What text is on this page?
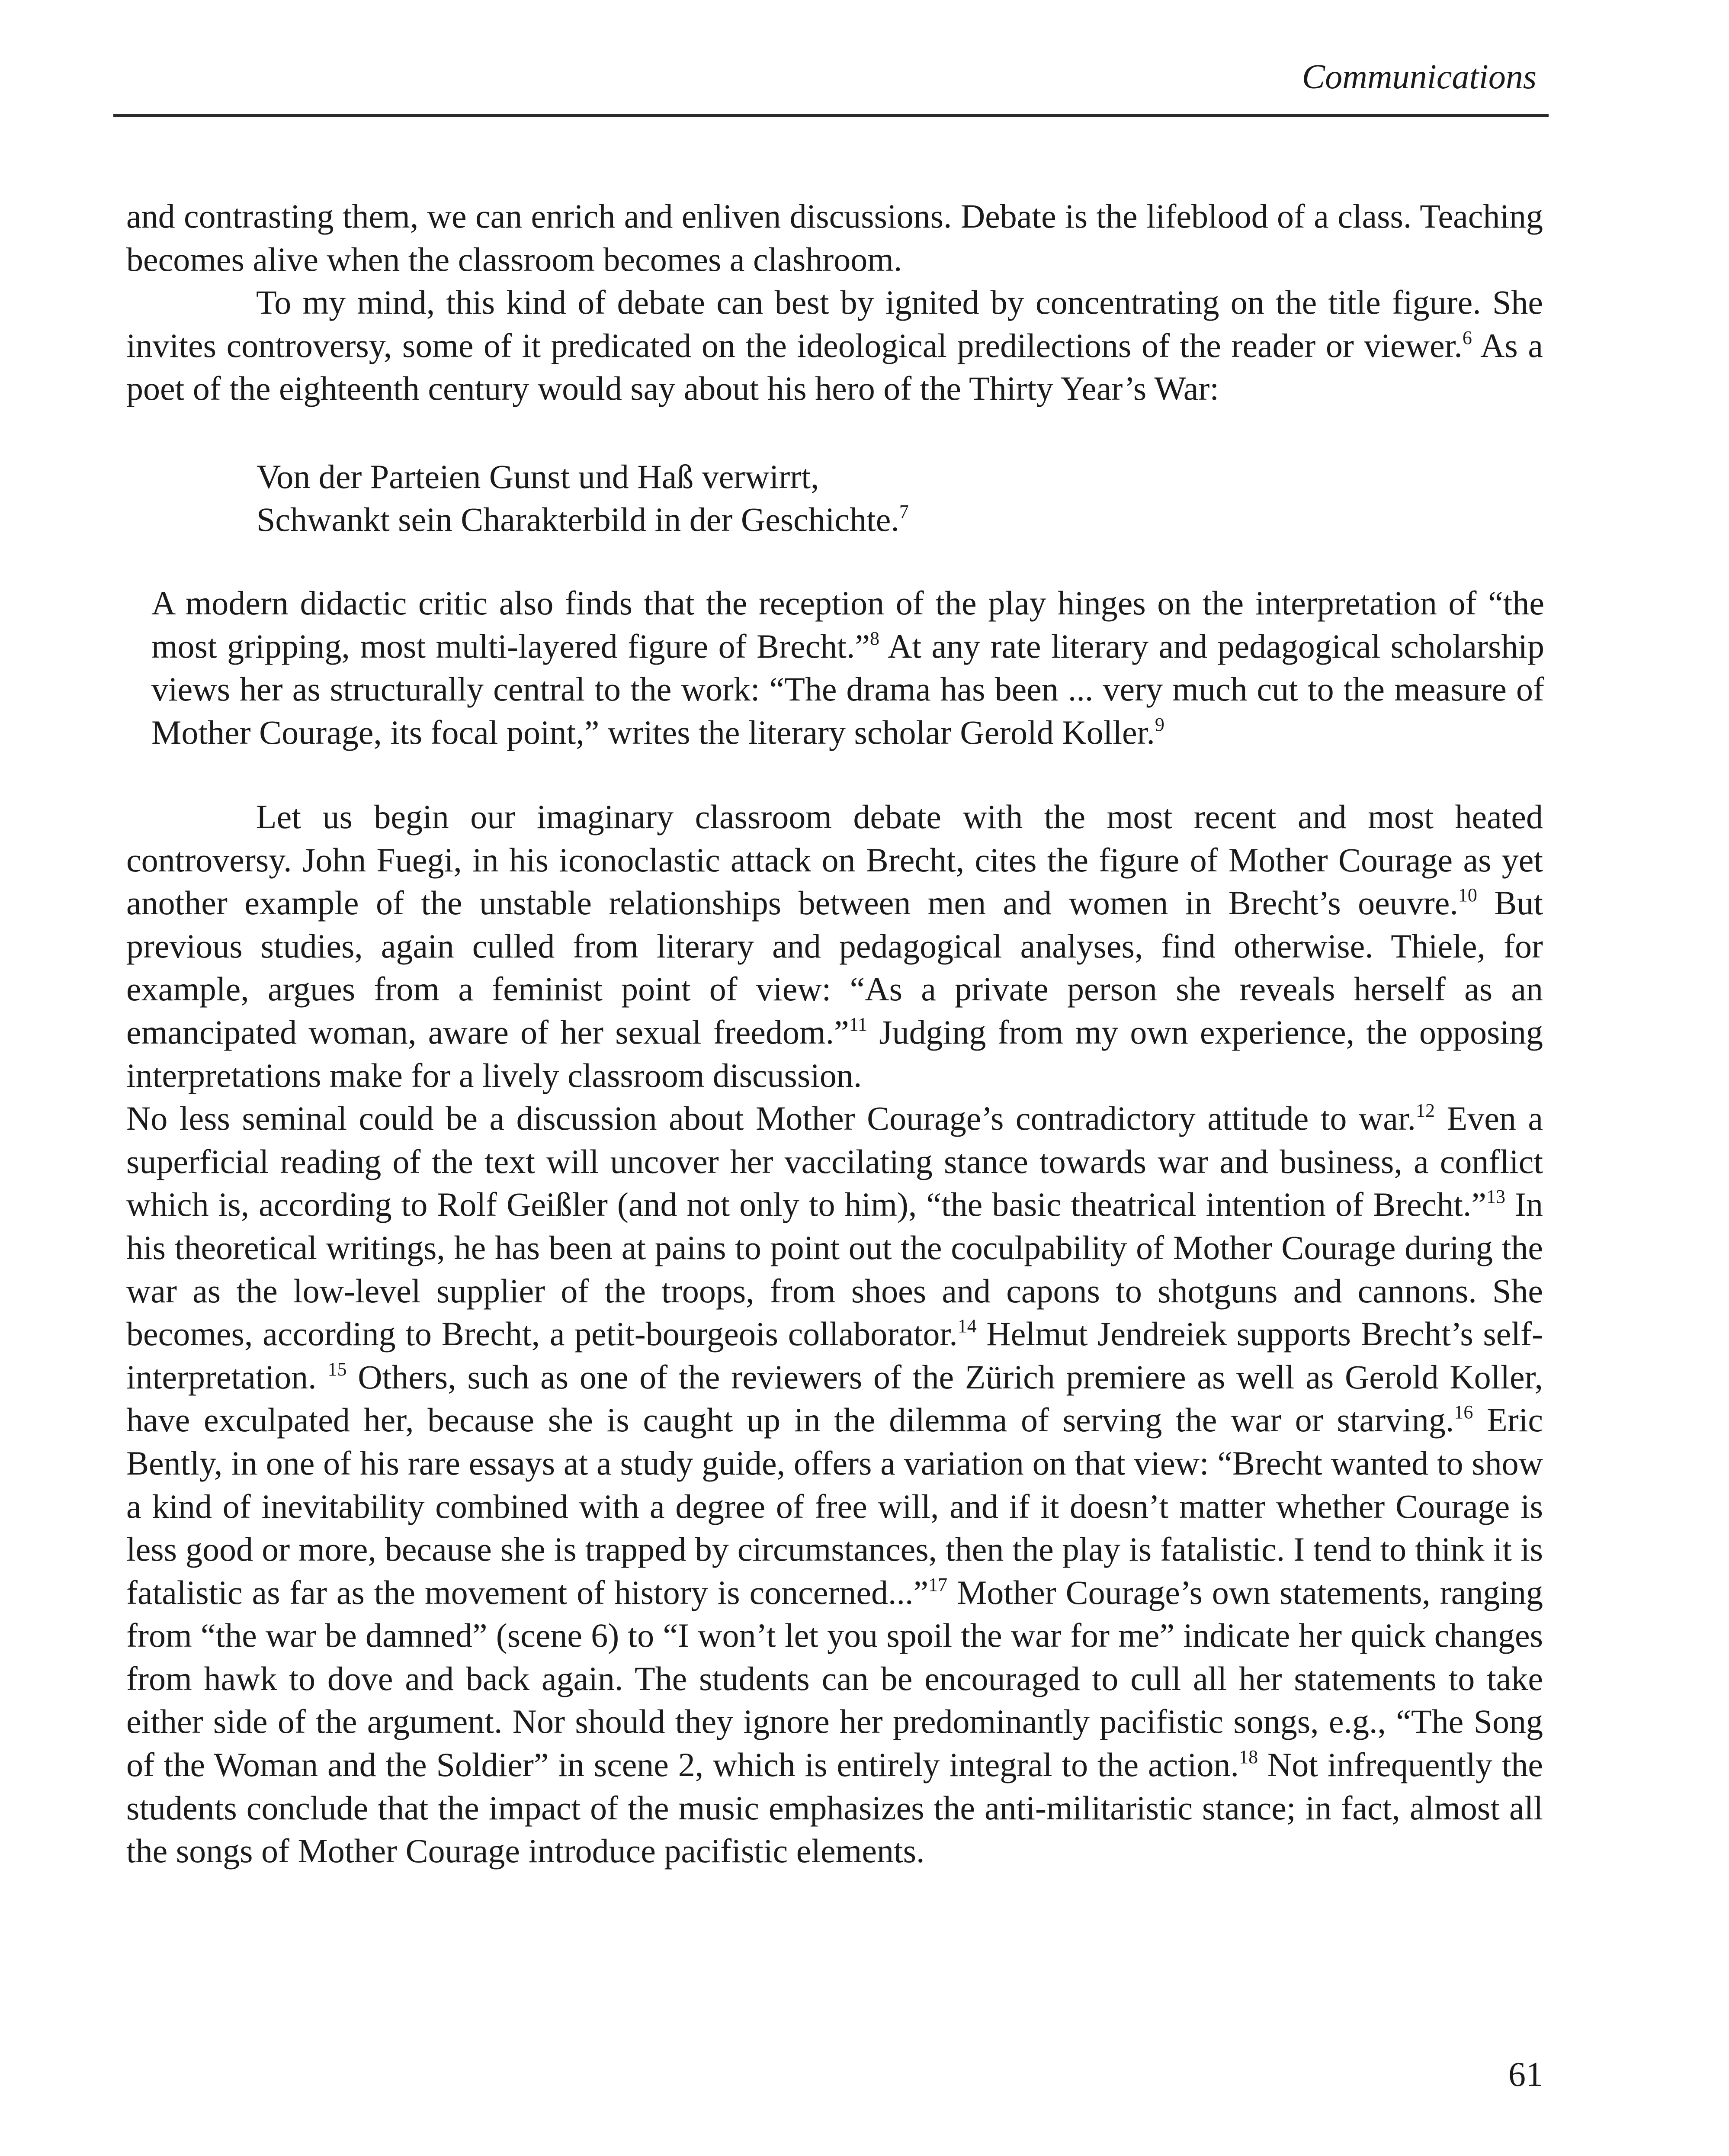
Communications

and contrasting them, we can enrich and enliven discussions. Debate is the lifeblood of a class. Teaching becomes alive when the classroom becomes a clashroom.

To my mind, this kind of debate can best by ignited by concentrating on the title figure. She invites controversy, some of it predicated on the ideological predilections of the reader or viewer.$^6$ As a poet of the eighteenth century would say about his hero of the Thirty Year’s War:

Von der Parteien Gunst und Haß verwirrt,
Schwankt sein Charakterbild in der Geschichte.$^7$

A modern didactic critic also finds that the reception of the play hinges on the interpretation of “the most gripping, most multi-layered figure of Brecht.”$^8$ At any rate literary and pedagogical scholarship views her as structurally central to the work: “The drama has been ... very much cut to the measure of Mother Courage, its focal point,” writes the literary scholar Gerold Koller.$^9$

Let us begin our imaginary classroom debate with the most recent and most heated controversy. John Fuegi, in his iconoclastic attack on Brecht, cites the figure of Mother Courage as yet another example of the unstable relationships between men and women in Brecht’s oeuvre.$^{10}$ But previous studies, again culled from literary and pedagogical analyses, find otherwise. Thiele, for example, argues from a feminist point of view: “As a private person she reveals herself as an emancipated woman, aware of her sexual freedom.”$^{11}$ Judging from my own experience, the opposing interpretations make for a lively classroom discussion.

No less seminal could be a discussion about Mother Courage’s contradictory attitude to war.$^{12}$ Even a superficial reading of the text will uncover her vaccilating stance towards war and business, a conflict which is, according to Rolf Geißler (and not only to him), “the basic theatrical intention of Brecht.”$^{13}$ In his theoretical writings, he has been at pains to point out the coculpability of Mother Courage during the war as the low-level supplier of the troops, from shoes and capons to shotguns and cannons. She becomes, according to Brecht, a petit-bourgeois collaborator.$^{14}$ Helmut Jendreiek supports Brecht’s self-interpretation. $^{15}$ Others, such as one of the reviewers of the Zürich premiere as well as Gerold Koller, have exculpated her, because she is caught up in the dilemma of serving the war or starving.$^{16}$ Eric Bently, in one of his rare essays at a study guide, offers a variation on that view: “Brecht wanted to show a kind of inevitability combined with a degree of free will, and if it doesn’t matter whether Courage is less good or more, because she is trapped by circumstances, then the play is fatalistic. I tend to think it is fatalistic as far as the movement of history is concerned...”$^{17}$ Mother Courage’s own statements, ranging from “the war be damned” (scene 6) to “I won’t let you spoil the war for me” indicate her quick changes from hawk to dove and back again. The students can be encouraged to cull all her statements to take either side of the argument. Nor should they ignore her predominantly pacifistic songs, e.g., “The Song of the Woman and the Soldier” in scene 2, which is entirely integral to the action.$^{18}$ Not infrequently the students conclude that the impact of the music emphasizes the anti-militaristic stance; in fact, almost all the songs of Mother Courage introduce pacifistic elements.

61
